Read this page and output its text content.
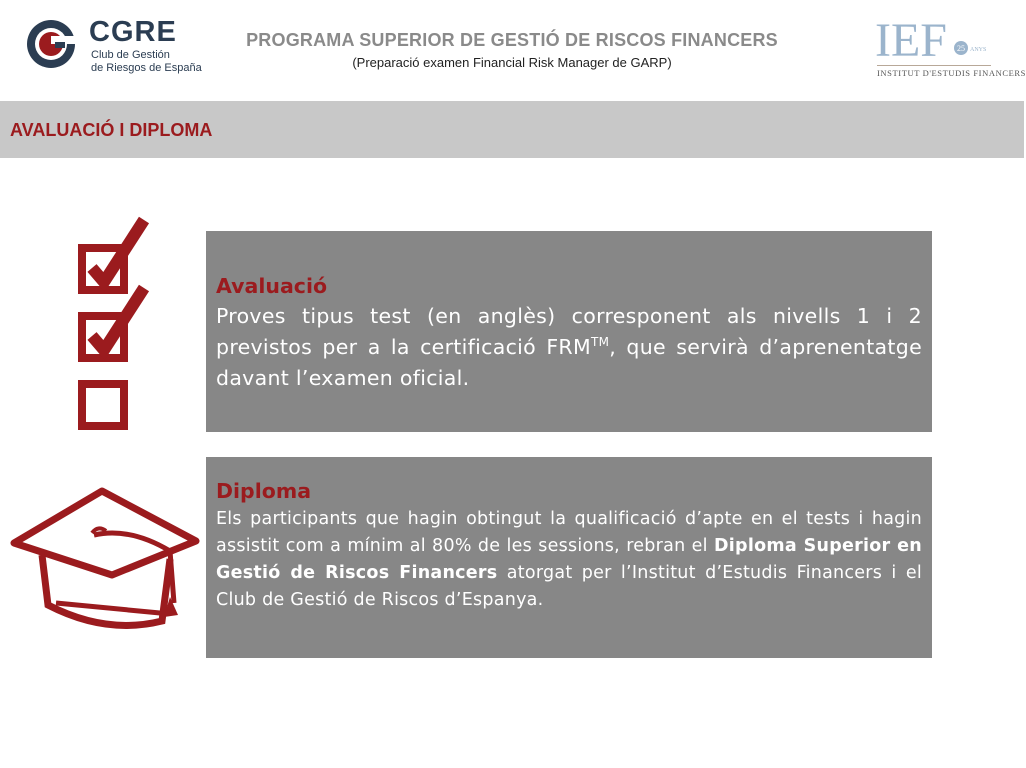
CGRE
Club de Gestión
de Riesgos de España
PROGRAMA SUPERIOR DE GESTIÓ DE RISCOS FINANCERS
(Preparació examen Financial Risk Manager de GARP)	IEF 25 ANYS
INSTITUT D'ESTUDIS FINANCERS
AVALUACIÓ I DIPLOMA
Avaluació
Proves tipus test (en anglès) corresponent als nivells 1 i 2 previstos per a la certificació FRM™, que servirà d’aprenentatge davant l’examen oficial.
Diploma
Els participants que hagin obtingut la qualificació d’apte en el tests i hagin assistit com a mínim al 80% de les sessions, rebran el Diploma Superior en Gestió de Riscos Financers atorgat per l’Institut d’Estudis Financers i el Club de Gestió de Riscos d’Espanya.
